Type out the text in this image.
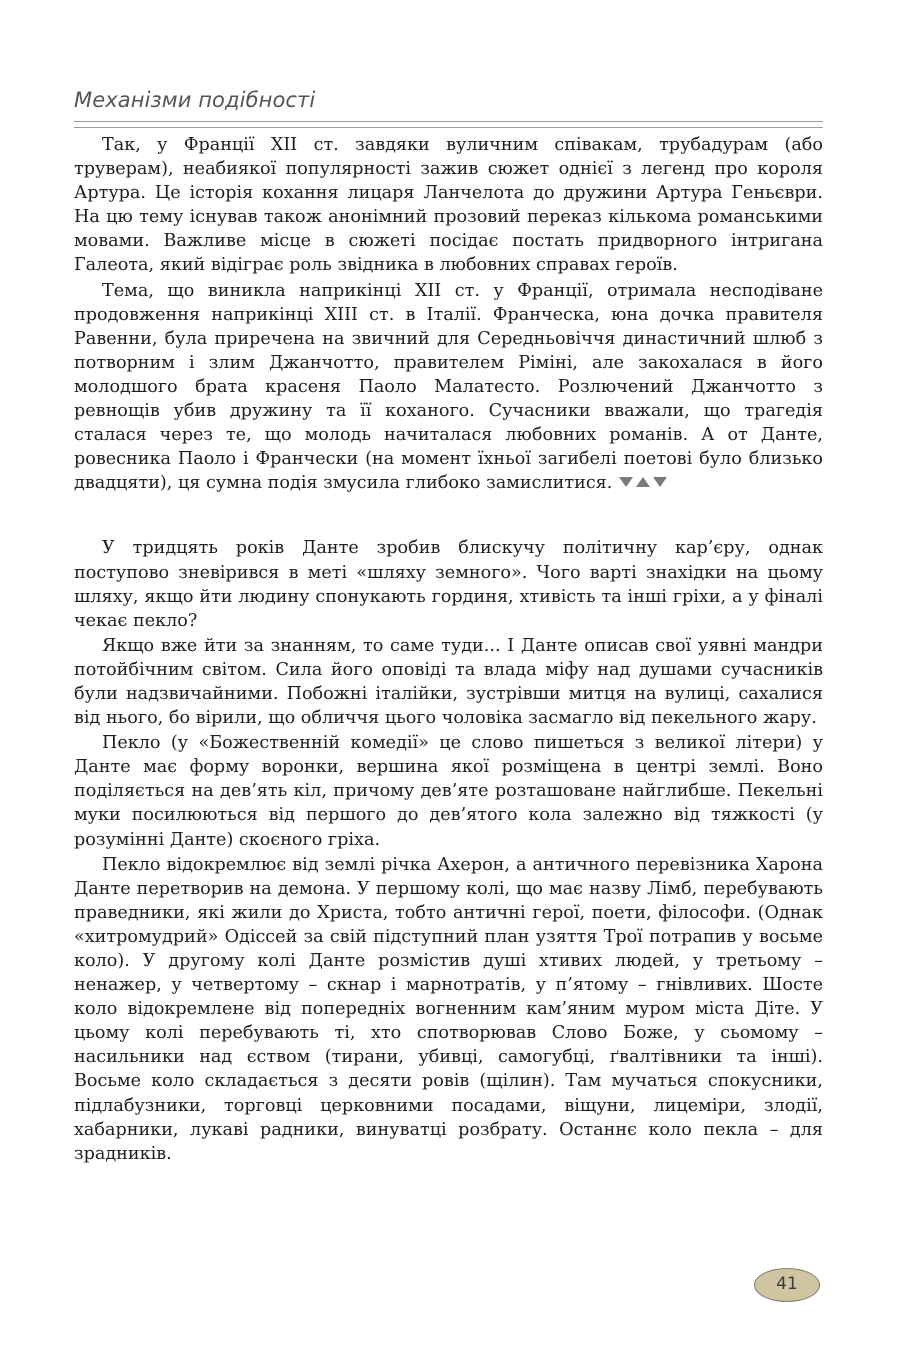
Механізми подібності

Так, у Франції XII ст. завдяки вуличним співакам, трубадурам (або труверам), неабиякої популярності зажив сюжет однієї з легенд про короля Артура. Це історія кохання лицаря Ланчелота до дружини Артура Геньєври. На цю тему існував також анонімний прозовий переказ кількома романськими мовами. Важливе місце в сюжеті посідає постать придворного інтригана Галеота, який відіграє роль звідника в любовних справах героїв.

Тема, що виникла наприкінці XII ст. у Франції, отримала несподіване продовження наприкінці XIII ст. в Італії. Франческа, юна дочка правителя Равенни, була приречена на звичний для Середньовіччя династичний шлюб з потворним і злим Джанчотто, правителем Ріміні, але закохалася в його молодшого брата красеня Паоло Малатесто. Розлючений Джанчотто з ревнощів убив дружину та її коханого. Сучасники вважали, що трагедія сталася через те, що молодь начиталася любовних романів. А от Данте, ровесника Паоло і Франчески (на момент їхньої загибелі поетові було близько двадцяти), ця сумна подія змусила глибоко замислитися.

У тридцять років Данте зробив блискучу політичну кар’єру, однак поступово зневірився в меті «шляху земного». Чого варті знахідки на цьому шляху, якщо йти людину спонукають гординя, хтивість та інші гріхи, а у фіналі чекає пекло?

Якщо вже йти за знанням, то саме туди... І Данте описав свої уявні мандри потойбічним світом. Сила його оповіді та влада міфу над душами сучасників були надзвичайними. Побожні італійки, зустрівши митця на вулиці, сахалися від нього, бо вірили, що обличчя цього чоловіка засмагло від пекельного жару.

Пекло (у «Божественній комедії» це слово пишеться з великої літери) у Данте має форму воронки, вершина якої розміщена в центрі землі. Воно поділяється на дев’ять кіл, причому дев’яте розташоване найглибше. Пекельні муки посилюються від першого до дев’ятого кола залежно від тяжкості (у розумінні Данте) скоєного гріха.

Пекло відокремлює від землі річка Ахерон, а античного перевізника Харона Данте перетворив на демона. У першому колі, що має назву Лімб, перебувають праведники, які жили до Христа, тобто античні герої, поети, філософи. (Однак «хитромудрий» Одіссей за свій підступний план узяття Трої потрапив у восьме коло). У другому колі Данте розмістив душі хтивих людей, у третьому – ненажер, у четвертому – скнар і марнотратів, у п’ятому – гнівливих. Шосте коло відокремлене від попередніх вогненним кам’яним муром міста Діте. У цьому колі перебувають ті, хто спотворював Слово Боже, у сьомому – насильники над єством (тирани, убивці, самогубці, ґвалтівники та інші). Восьме коло складається з десяти ровів (щілин). Там мучаться спокусники, підлабузники, торговці церковними посадами, віщуни, лицеміри, злодії, хабарники, лукаві радники, винуватці розбрату. Останнє коло пекла – для зрадників.

41
